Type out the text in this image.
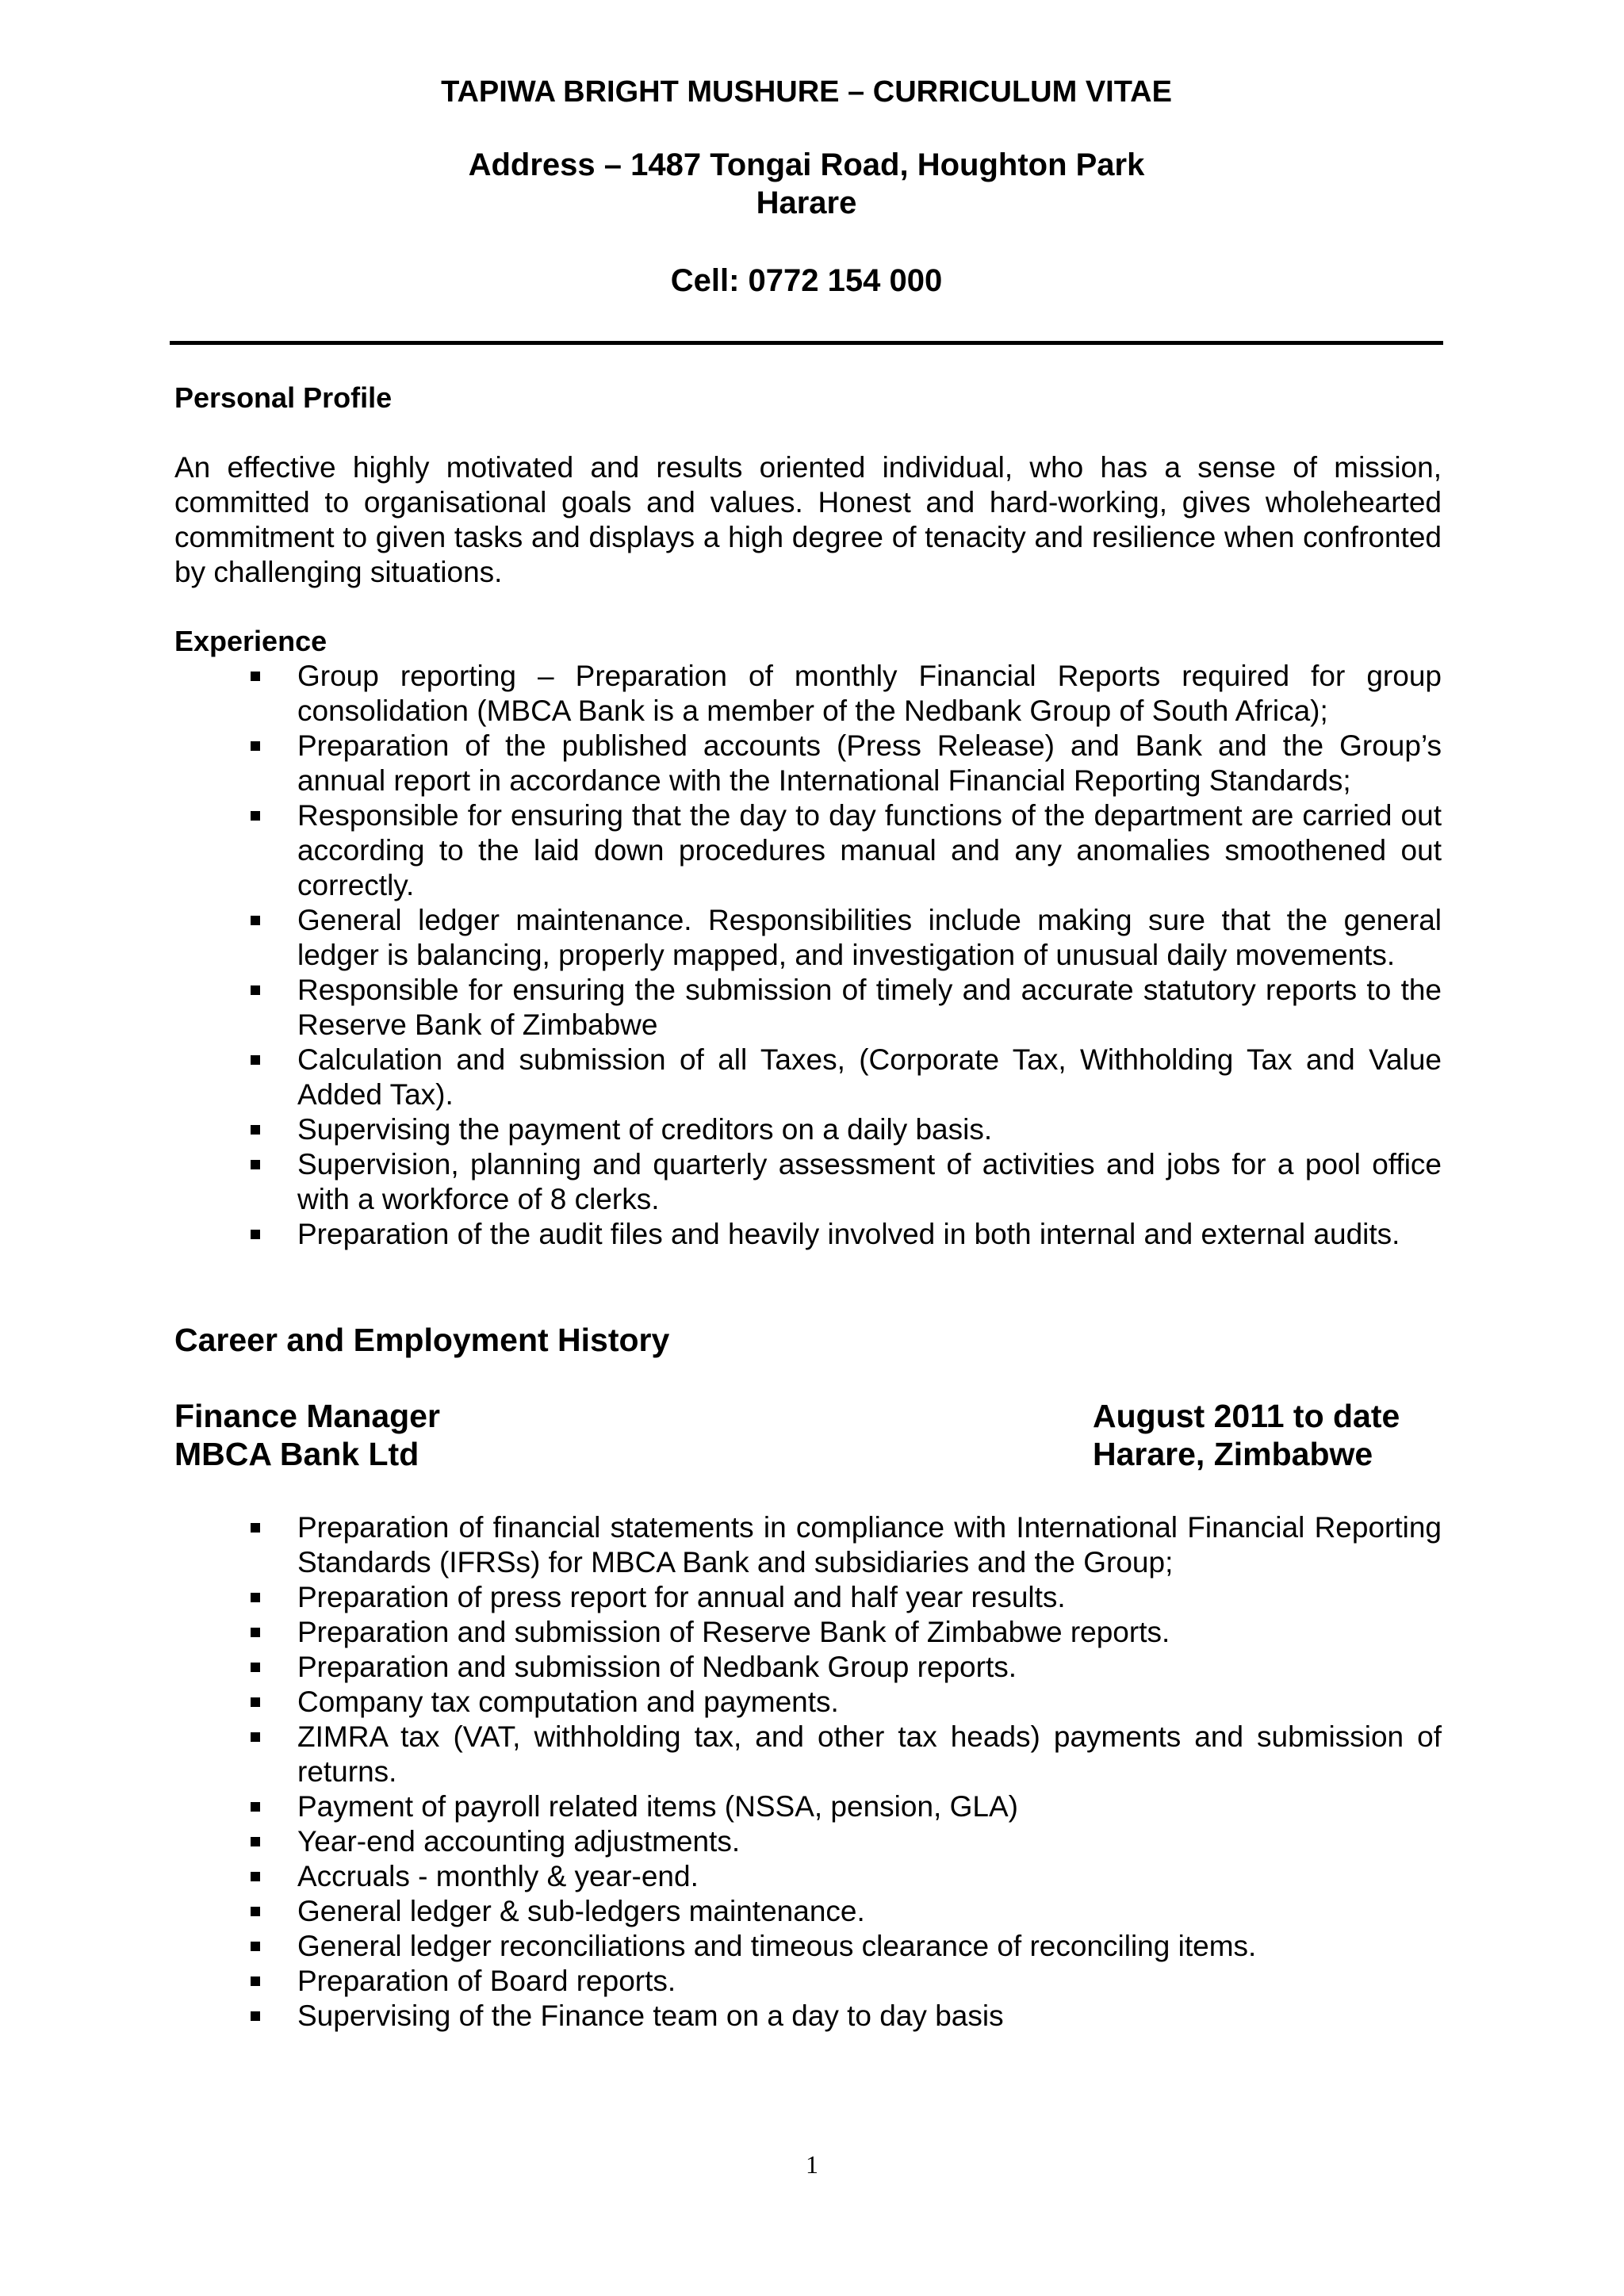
TAPIWA BRIGHT MUSHURE – CURRICULUM VITAE
Address – 1487 Tongai Road, Houghton Park
Harare
Cell: 0772 154 000
Personal Profile

An effective highly motivated and results oriented individual, who has a sense of mission, committed to organisational goals and values. Honest and hard-working, gives wholehearted commitment to given tasks and displays a high degree of tenacity and resilience when confronted by challenging situations.

Experience
Group reporting – Preparation of monthly Financial Reports required for group consolidation (MBCA Bank is a member of the Nedbank Group of South Africa);
Preparation of the published accounts (Press Release) and Bank and the Group’s annual report in accordance with the International Financial Reporting Standards;
Responsible for ensuring that the day to day functions of the department are carried out according to the laid down procedures manual and any anomalies smoothened out correctly.
General ledger maintenance. Responsibilities include making sure that the general ledger is balancing, properly mapped, and investigation of unusual daily movements.
Responsible for ensuring the submission of timely and accurate statutory reports to the Reserve Bank of Zimbabwe
Calculation and submission of all Taxes, (Corporate Tax, Withholding Tax and Value Added Tax).
Supervising the payment of creditors on a daily basis.
Supervision, planning and quarterly assessment of activities and jobs for a pool office with a workforce of 8 clerks.
Preparation of the audit files and heavily involved in both internal and external audits.
Career and Employment History
Finance Manager	August 2011 to date
MBCA Bank Ltd	Harare, Zimbabwe
Preparation of financial statements in compliance with International Financial Reporting Standards (IFRSs) for MBCA Bank and subsidiaries and the Group;
Preparation of press report for annual and half year results.
Preparation and submission of Reserve Bank of Zimbabwe reports.
Preparation and submission of Nedbank Group reports.
Company tax computation and payments.
ZIMRA tax (VAT, withholding tax, and other tax heads) payments and submission of returns.
Payment of payroll related items (NSSA, pension, GLA)
Year-end accounting adjustments.
Accruals - monthly & year-end.
General ledger & sub-ledgers maintenance.
General ledger reconciliations and timeous clearance of reconciling items.
Preparation of Board reports.
Supervising of the Finance team on a day to day basis
1
